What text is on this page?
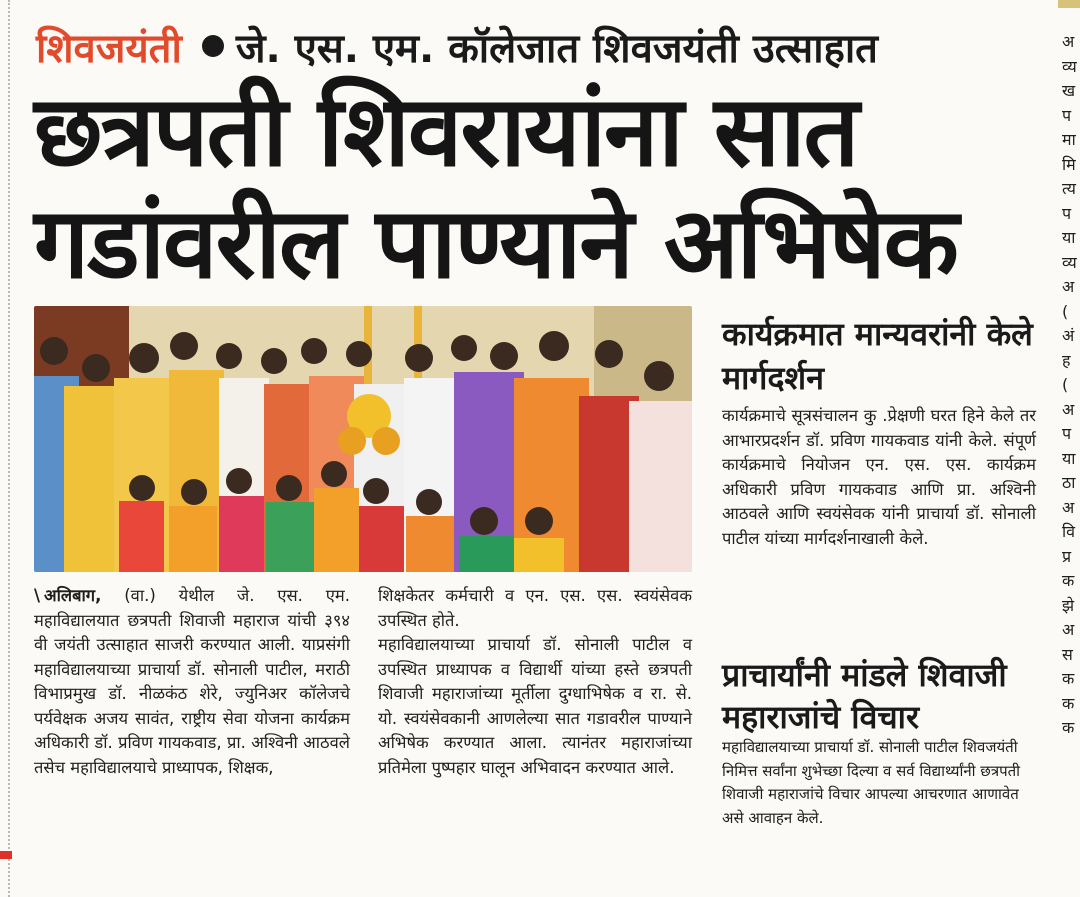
शिवजयंती जे. एस. एम. कॉलेजात शिवजयंती उत्साहात
छत्रपती शिवरायांना सात
गडांवरील पाण्याने अभिषेक
\ अलिबाग, (वा.) येथील जे. एस. एम. महाविद्यालयात छत्रपती शिवाजी महाराज यांची ३९४ वी जयंती उत्साहात साजरी करण्यात आली. याप्रसंगी महाविद्यालयाच्या प्राचार्या डॉ. सोनाली पाटील, मराठी विभाप्रमुख डॉ. नीळकंठ शेरे, ज्युनिअर कॉलेजचे पर्यवेक्षक अजय सावंत, राष्ट्रीय सेवा योजना कार्यक्रम अधिकारी डॉ. प्रविण गायकवाड, प्रा. अश्विनी आठवले तसेच महाविद्यालयाचे प्राध्यापक, शिक्षक,
शिक्षकेतर कर्मचारी व एन. एस. एस. स्वयंसेवक उपस्थित होते.
महाविद्यालयाच्या प्राचार्या डॉ. सोनाली पाटील व उपस्थित प्राध्यापक व विद्यार्थी यांच्या हस्ते छत्रपती शिवाजी महाराजांच्या मूर्तीला दुग्धाभिषेक व रा. से. यो. स्वयंसेवकानी आणलेल्या सात गडावरील पाण्याने अभिषेक करण्यात आला. त्यानंतर महाराजांच्या प्रतिमेला पुष्पहार घालून अभिवादन करण्यात आले.
कार्यक्रमात मान्यवरांनी केले मार्गदर्शन
कार्यक्रमाचे सूत्रसंचालन कु .प्रेक्षणी घरत हिने केले तर आभारप्रदर्शन डॉ. प्रविण गायकवाड यांनी केले. संपूर्ण कार्यक्रमाचे नियोजन एन. एस. एस. कार्यक्रम अधिकारी प्रविण गायकवाड आणि प्रा. अश्विनी आठवले आणि स्वयंसेवक यांनी प्राचार्या डॉ. सोनाली पाटील यांच्या मार्गदर्शनाखाली केले.
प्राचार्यांनी मांडले शिवाजी महाराजांचे विचार
महाविद्यालयाच्या प्राचार्या डॉ. सोनाली पाटील शिवजयंती निमित्त सर्वांना शुभेच्छा दिल्या व सर्व विद्यार्थ्यांनी छत्रपती शिवाजी महाराजांचे विचार आपल्या आचरणात आणावेत असे आवाहन केले.
अ
व्य
ख
प
मा
मि
त्य
प
या
व्य
अ
(
अं
ह
(
अ
प
या
ठा
अ
वि
प्र
क
झे
अ
स
क
क
क
